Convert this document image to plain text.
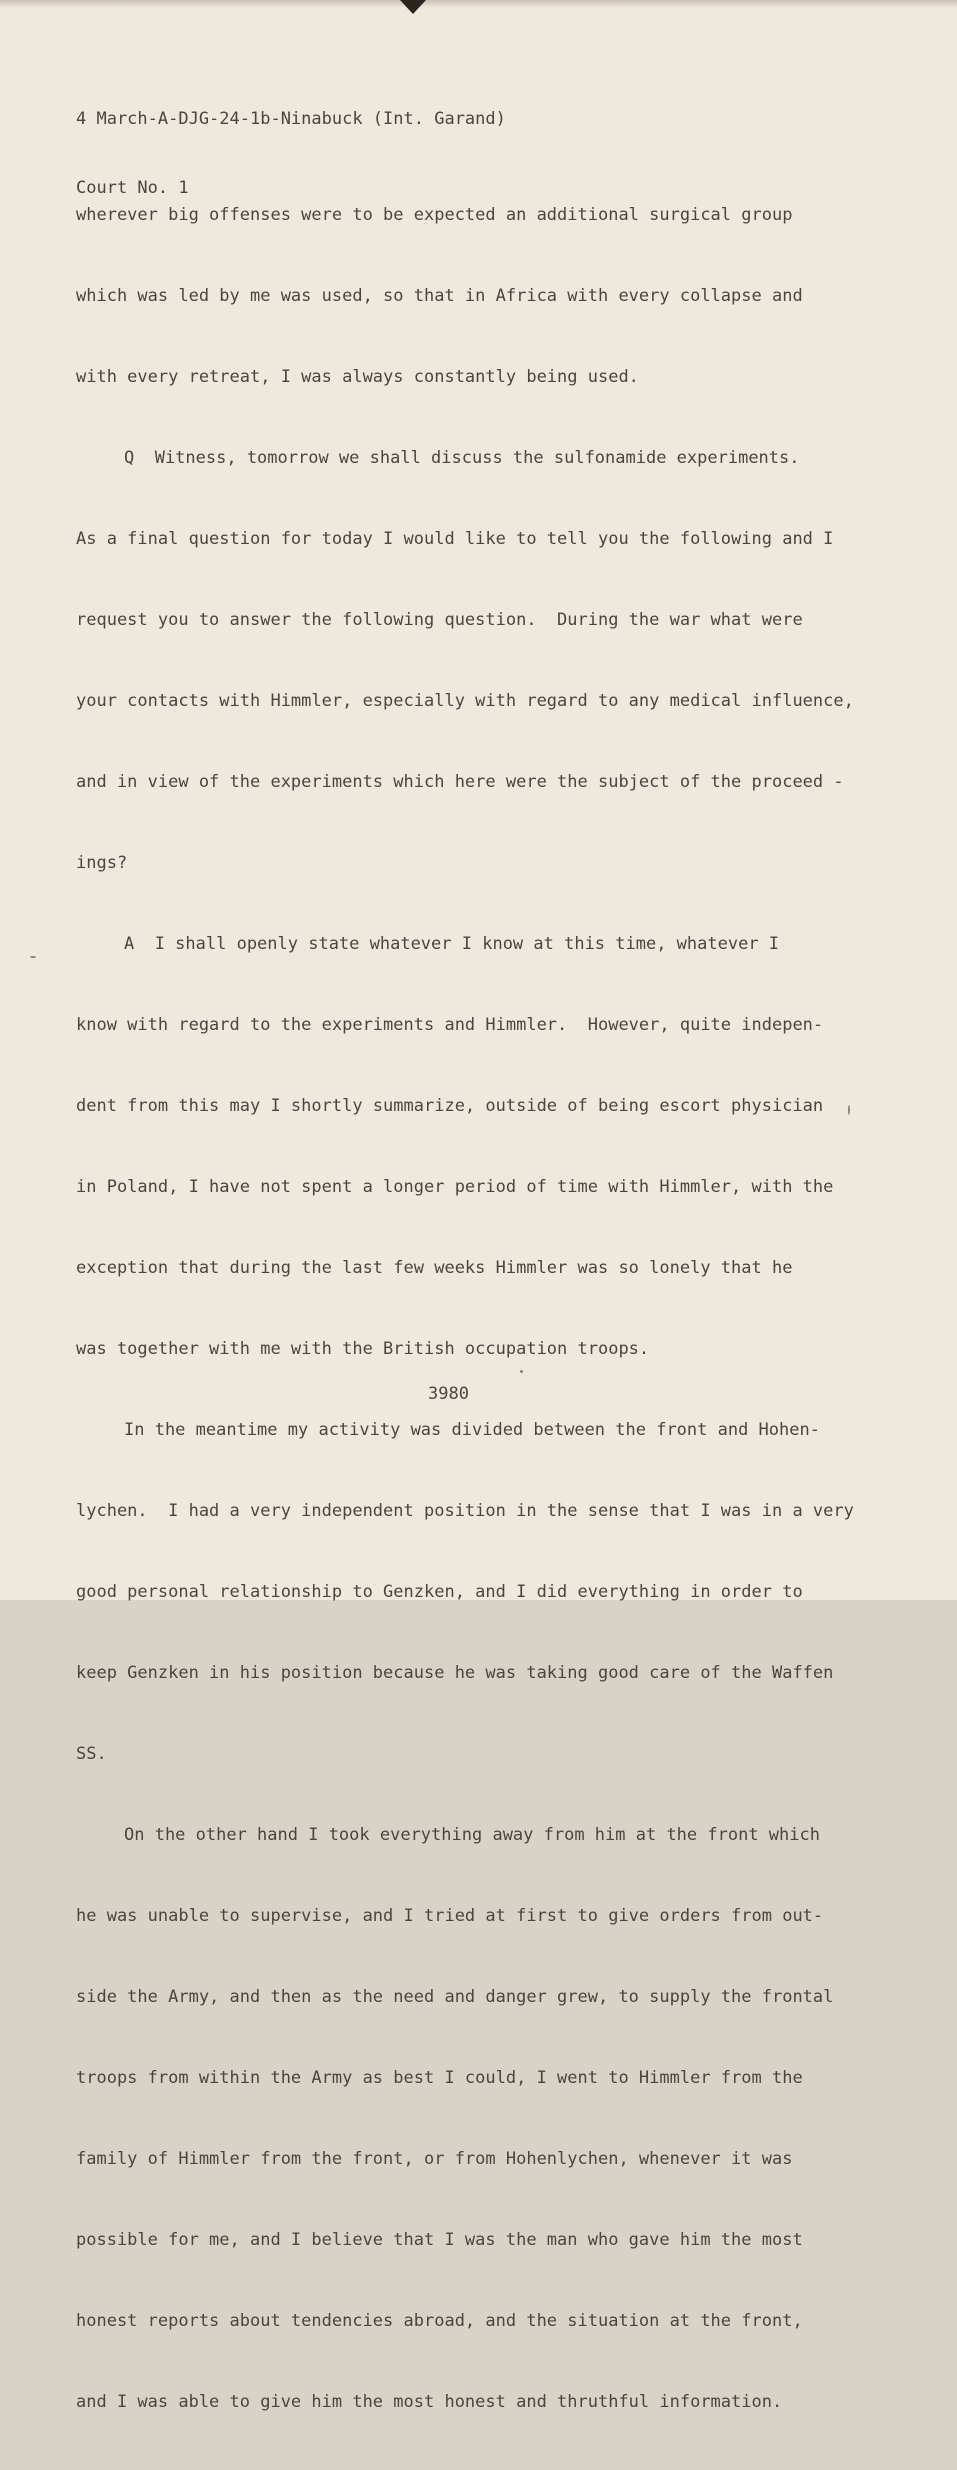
4 March-A-DJG-24-1b-Ninabuck (Int. Garand)

Court No. 1

wherever big offenses were to be expected an additional surgical group

which was led by me was used, so that in Africa with every collapse and

with every retreat, I was always constantly being used.

Q  Witness, tomorrow we shall discuss the sulfonamide experiments.

As a final question for today I would like to tell you the following and I

request you to answer the following question.  During the war what were

your contacts with Himmler, especially with regard to any medical influence,

and in view of the experiments which here were the subject of the proceed -

ings?

A  I shall openly state whatever I know at this time, whatever I

know with regard to the experiments and Himmler.  However, quite indepen-

dent from this may I shortly summarize, outside of being escort physician

in Poland, I have not spent a longer period of time with Himmler, with the

exception that during the last few weeks Himmler was so lonely that he

was together with me with the British occupation troops.

In the meantime my activity was divided between the front and Hohen-

lychen.  I had a very independent position in the sense that I was in a very

good personal relationship to Genzken, and I did everything in order to

keep Genzken in his position because he was taking good care of the Waffen

SS.

On the other hand I took everything away from him at the front which

he was unable to supervise, and I tried at first to give orders from out-

side the Army, and then as the need and danger grew, to supply the frontal

troops from within the Army as best I could, I went to Himmler from the

family of Himmler from the front, or from Hohenlychen, whenever it was

possible for me, and I believe that I was the man who gave him the most

honest reports about tendencies abroad, and the situation at the front,

and I was able to give him the most honest and thruthful information.

3980
